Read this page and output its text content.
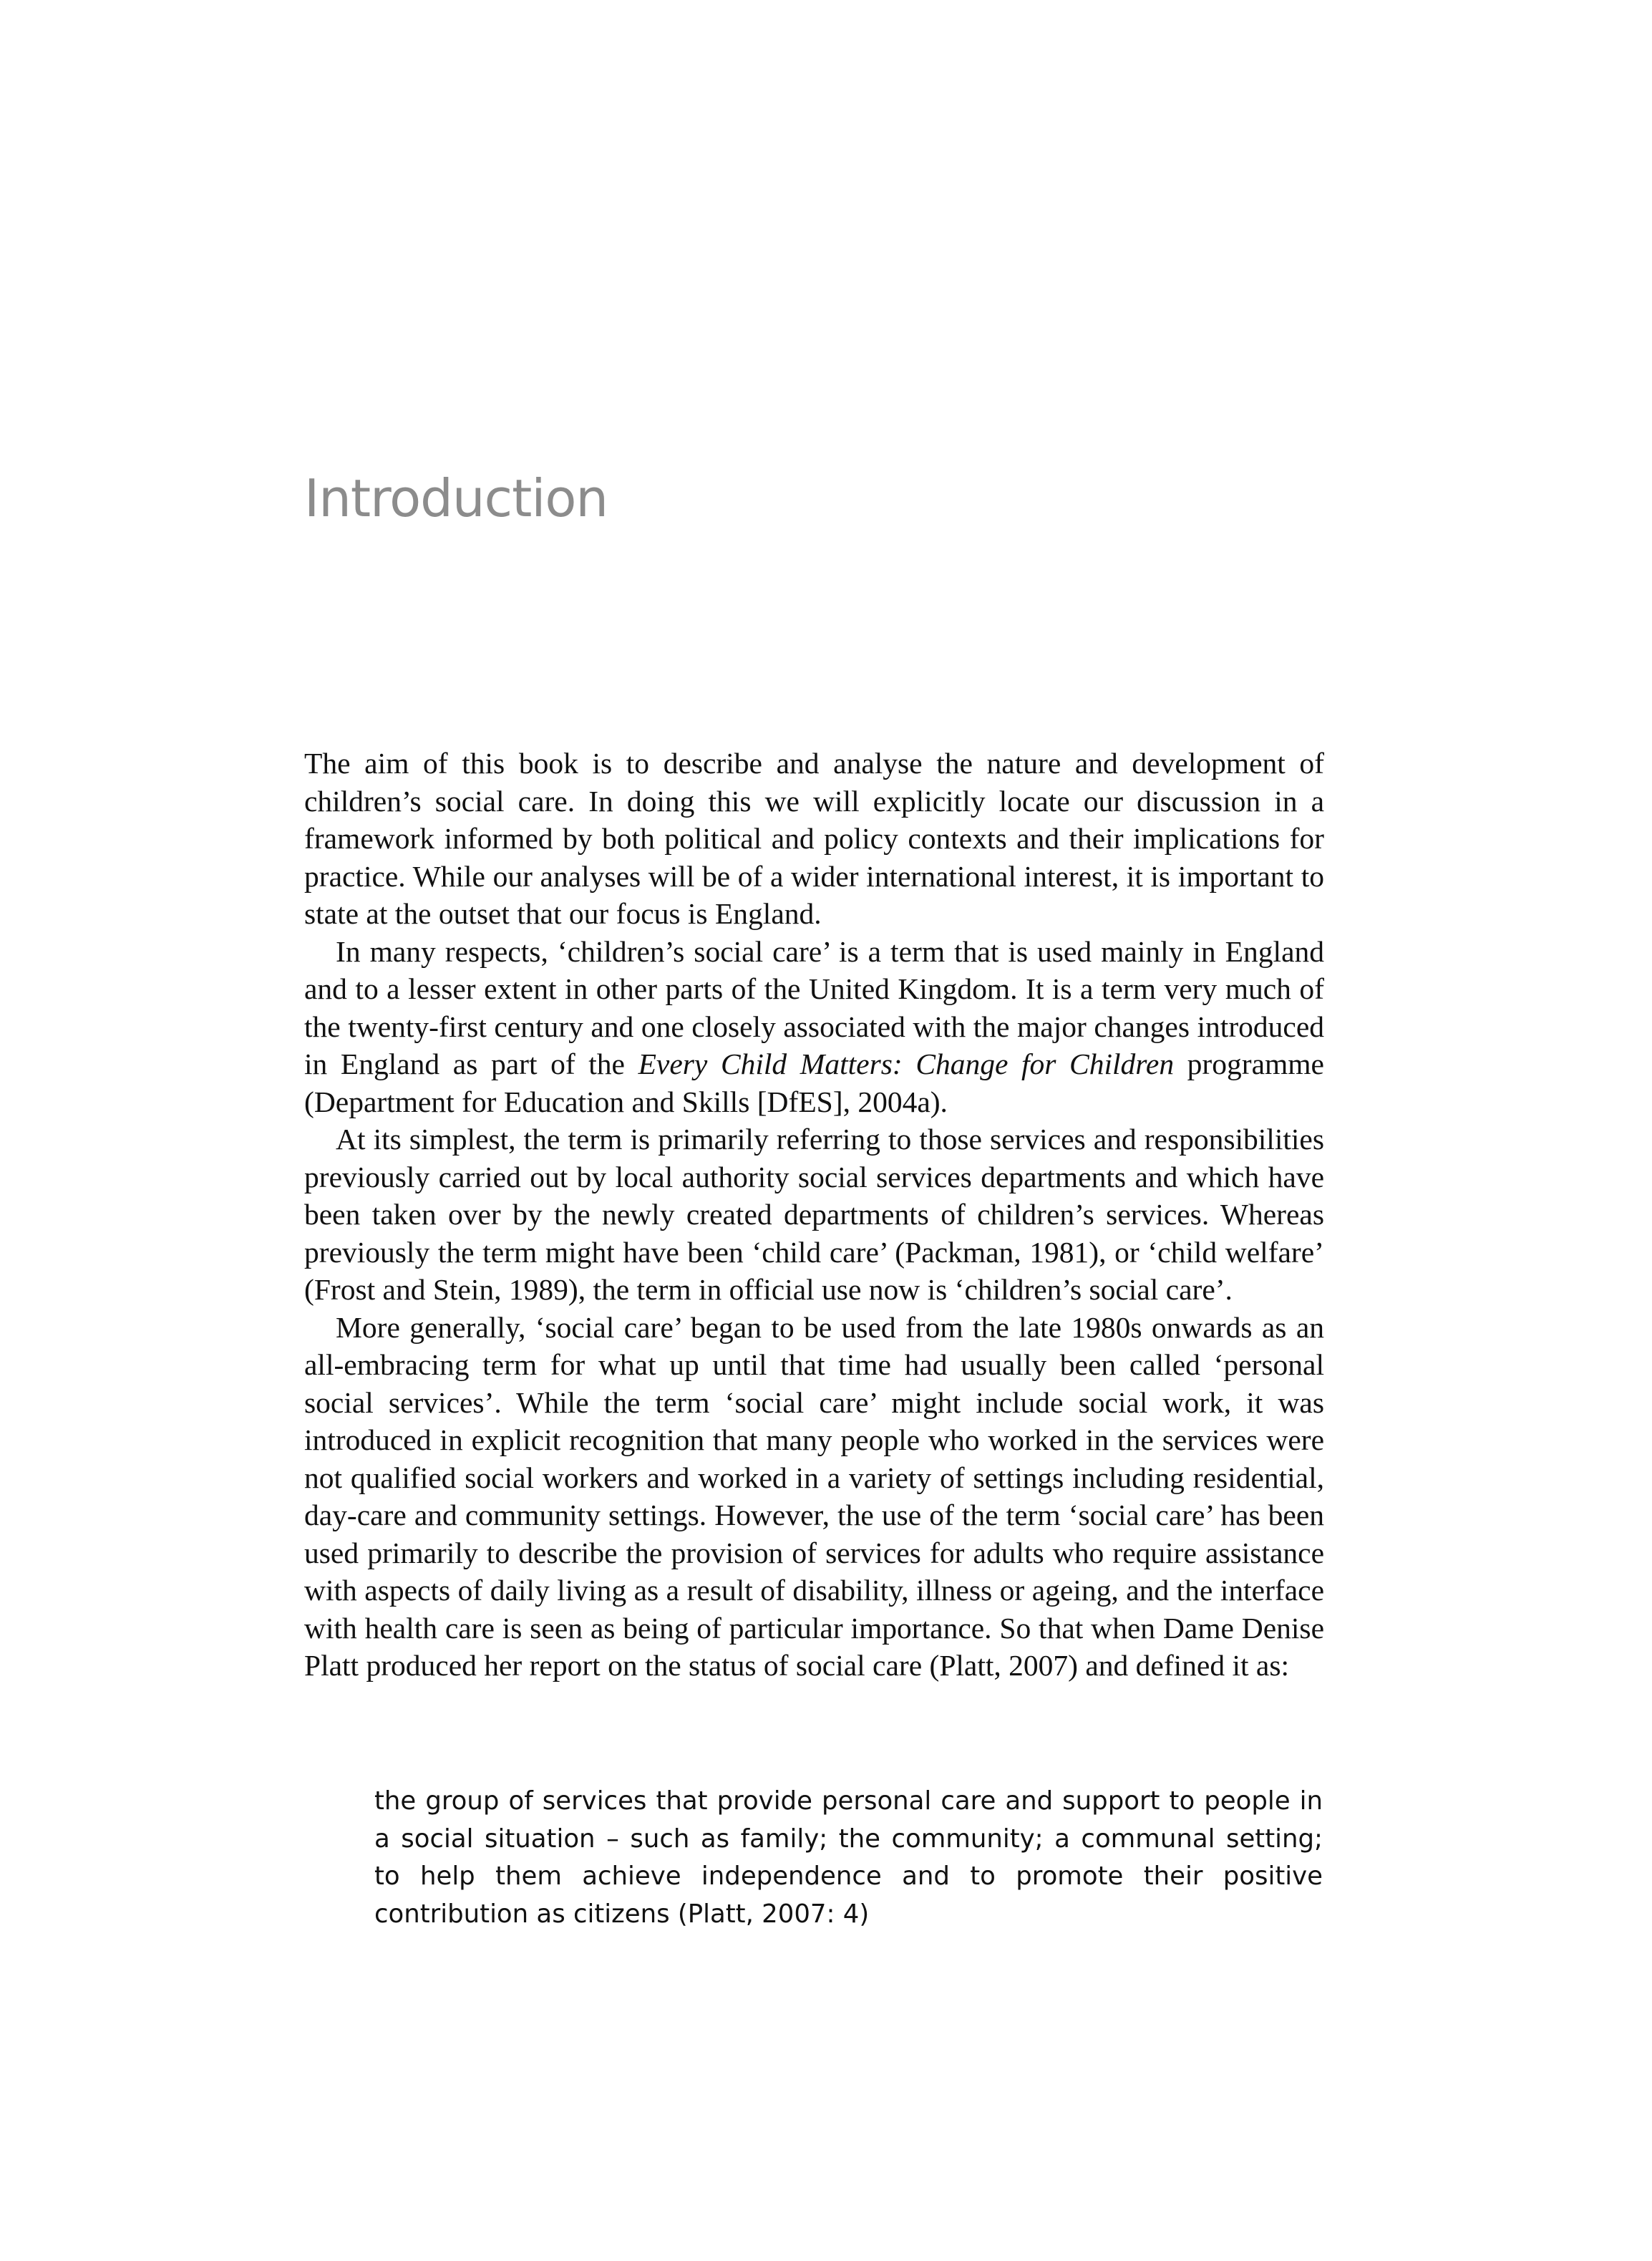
Introduction

The aim of this book is to describe and analyse the nature and development of children’s social care. In doing this we will explicitly locate our discussion in a framework informed by both political and policy contexts and their implications for practice. While our analyses will be of a wider international interest, it is important to state at the outset that our focus is England.

In many respects, ‘children’s social care’ is a term that is used mainly in England and to a lesser extent in other parts of the United Kingdom. It is a term very much of the twenty-first century and one closely associated with the major changes introduced in England as part of the Every Child Matters: Change for Children programme (Department for Education and Skills [DfES], 2004a).

At its simplest, the term is primarily referring to those services and responsibilities previously carried out by local authority social services departments and which have been taken over by the newly created departments of children’s services. Whereas previously the term might have been ‘child care’ (Packman, 1981), or ‘child welfare’ (Frost and Stein, 1989), the term in official use now is ‘children’s social care’.

More generally, ‘social care’ began to be used from the late 1980s onwards as an all-embracing term for what up until that time had usually been called ‘personal social services’. While the term ‘social care’ might include social work, it was introduced in explicit recognition that many people who worked in the services were not qualified social workers and worked in a variety of settings including residential, day-care and community settings. However, the use of the term ‘social care’ has been used primarily to describe the provision of services for adults who require assistance with aspects of daily living as a result of disability, illness or ageing, and the interface with health care is seen as being of particular importance. So that when Dame Denise Platt produced her report on the status of social care (Platt, 2007) and defined it as:

the group of services that provide personal care and support to people in a social situation – such as family; the community; a communal setting; to help them achieve independence and to promote their positive contribution as citizens (Platt, 2007: 4)
